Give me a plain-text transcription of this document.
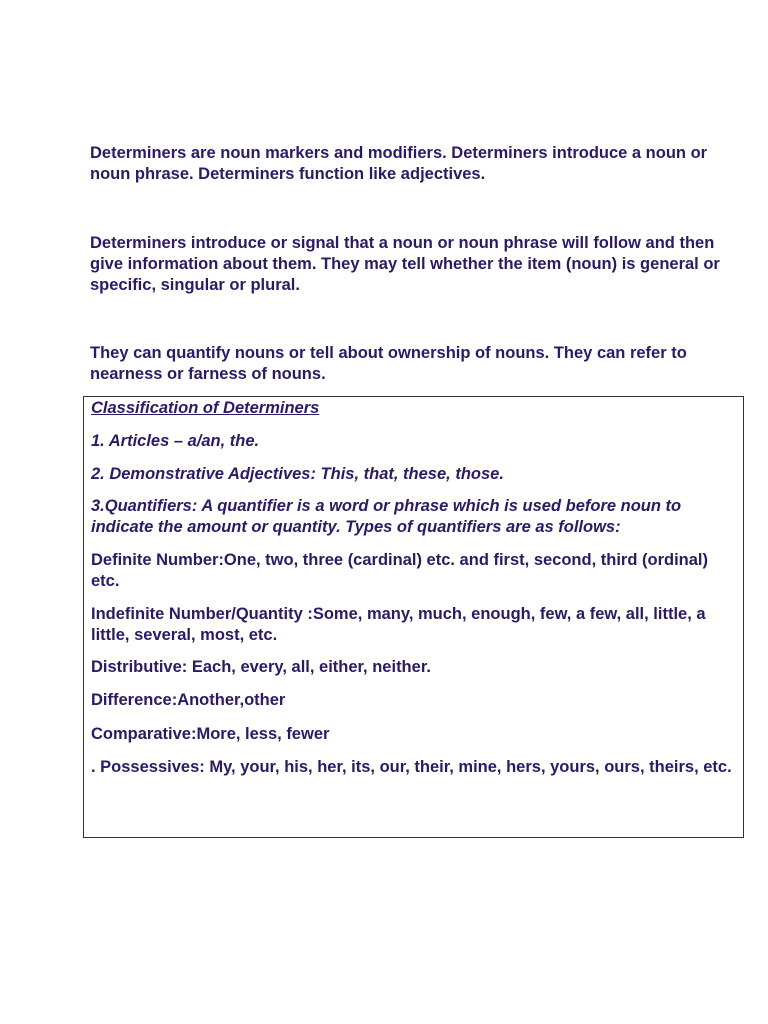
Determiners are noun markers and modifiers. Determiners introduce a noun or noun phrase. Determiners function like adjectives.

Determiners introduce or signal that a noun or noun phrase will follow and then give information about them. They may tell whether the item (noun) is general or specific, singular or plural.

They can quantify nouns or tell about ownership of nouns. They can refer to nearness or farness of nouns.

Classification of Determiners

1. Articles – a/an, the.

2. Demonstrative Adjectives: This, that, these, those.

3.Quantifiers: A quantifier is a word or phrase which is used before noun to indicate the amount or quantity. Types of quantifiers are as follows:

Definite Number:One, two, three (cardinal) etc. and first, second, third (ordinal) etc.

Indefinite Number/Quantity :Some, many, much, enough, few, a few, all, little, a little, several, most, etc.

Distributive: Each, every, all, either, neither.

Difference:Another,other

Comparative:More, less, fewer

. Possessives: My, your, his, her, its, our, their, mine, hers, yours, ours, theirs, etc.
